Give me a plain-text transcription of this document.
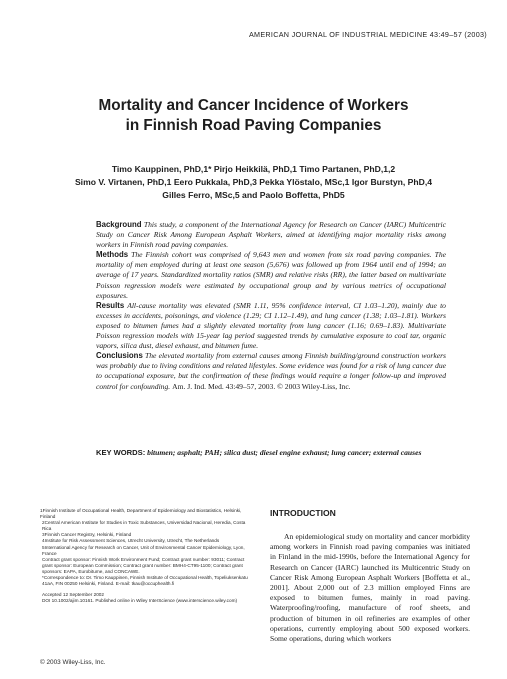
AMERICAN JOURNAL OF INDUSTRIAL MEDICINE 43:49–57 (2003)
Mortality and Cancer Incidence of Workers
in Finnish Road Paving Companies
Timo Kauppinen, PhD,1* Pirjo Heikkilä, PhD,1 Timo Partanen, PhD,1,2
Simo V. Virtanen, PhD,1 Eero Pukkala, PhD,3 Pekka Ylöstalo, MSc,1 Igor Burstyn, PhD,4
Gilles Ferro, MSc,5 and Paolo Boffetta, PhD5

Background This study, a component of the International Agency for Research on Cancer (IARC) Multicentric Study on Cancer Risk Among European Asphalt Workers, aimed at identifying major mortality risks among workers in Finnish road paving companies.

Methods The Finnish cohort was comprised of 9,643 men and women from six road paving companies. The mortality of men employed during at least one season (5,676) was followed up from 1964 until end of 1994; an average of 17 years. Standardized mortality ratios (SMR) and relative risks (RR), the latter based on multivariate Poisson regression models were estimated by occupational group and by various metrics of occupational exposures.

Results All-cause mortality was elevated (SMR 1.11, 95% confidence interval, CI 1.03–1.20), mainly due to excesses in accidents, poisonings, and violence (1.29; CI 1.12–1.49), and lung cancer (1.38; 1.03–1.81). Workers exposed to bitumen fumes had a slightly elevated mortality from lung cancer (1.16; 0.69–1.83). Multivariate Poisson regression models with 15-year lag period suggested trends by cumulative exposure to coal tar, organic vapors, silica dust, diesel exhaust, and bitumen fume.

Conclusions The elevated mortality from external causes among Finnish building/ground construction workers was probably due to living conditions and related lifestyles. Some evidence was found for a risk of lung cancer due to occupational exposure, but the confirmation of these findings would require a longer follow-up and improved control for confounding. Am. J. Ind. Med. 43:49–57, 2003. © 2003 Wiley-Liss, Inc.

KEY WORDS: bitumen; asphalt; PAH; silica dust; diesel engine exhaust; lung cancer; external causes

1Finnish Institute of Occupational Health, Department of Epidemiology and Biostatistics, Helsinki, Finland

2Central American Institute for Studies in Toxic Substances, Universidad Nacional, Heredia, Costa Rica

3Finnish Cancer Registry, Helsinki, Finland

4Institute for Risk Assessment Sciences, Utrecht University, Utrecht, The Netherlands

5International Agency for Research on Cancer, Unit of Environmental Cancer Epidemiology, Lyon, France

Contract grant sponsor: Finnish Work Environment Fund; Contract grant number: 93011; Contract grant sponsor: European Commission; Contract grant number: BMH4-CT95-1100; Contract grant sponsors: EAPA, Eurobitume, and CONCAWE.

*Correspondence to: Dr. Timo Kauppinen, Finnish Institute of Occupational Health, Topeliuksenkatu 41aA, FIN 00250 Helsinki, Finland. E-mail: tkau@occuphealth.fi

Accepted 12 September 2002

DOI 10.1002/ajim.10161. Published online in Wiley InterScience (www.interscience.wiley.com)

INTRODUCTION

An epidemiological study on mortality and cancer morbidity among workers in Finnish road paving companies was initiated in Finland in the mid-1990s, before the International Agency for Research on Cancer (IARC) launched its Multicentric Study on Cancer Risk Among European Asphalt Workers [Boffetta et al., 2001]. About 2,000 out of 2.3 million employed Finns are exposed to bitumen fumes, mainly in road paving. Waterproofing/roofing, manufacture of roof sheets, and production of bitumen in oil refineries are examples of other operations, currently employing about 500 exposed workers. Some operations, during which workers

© 2003 Wiley-Liss, Inc.
